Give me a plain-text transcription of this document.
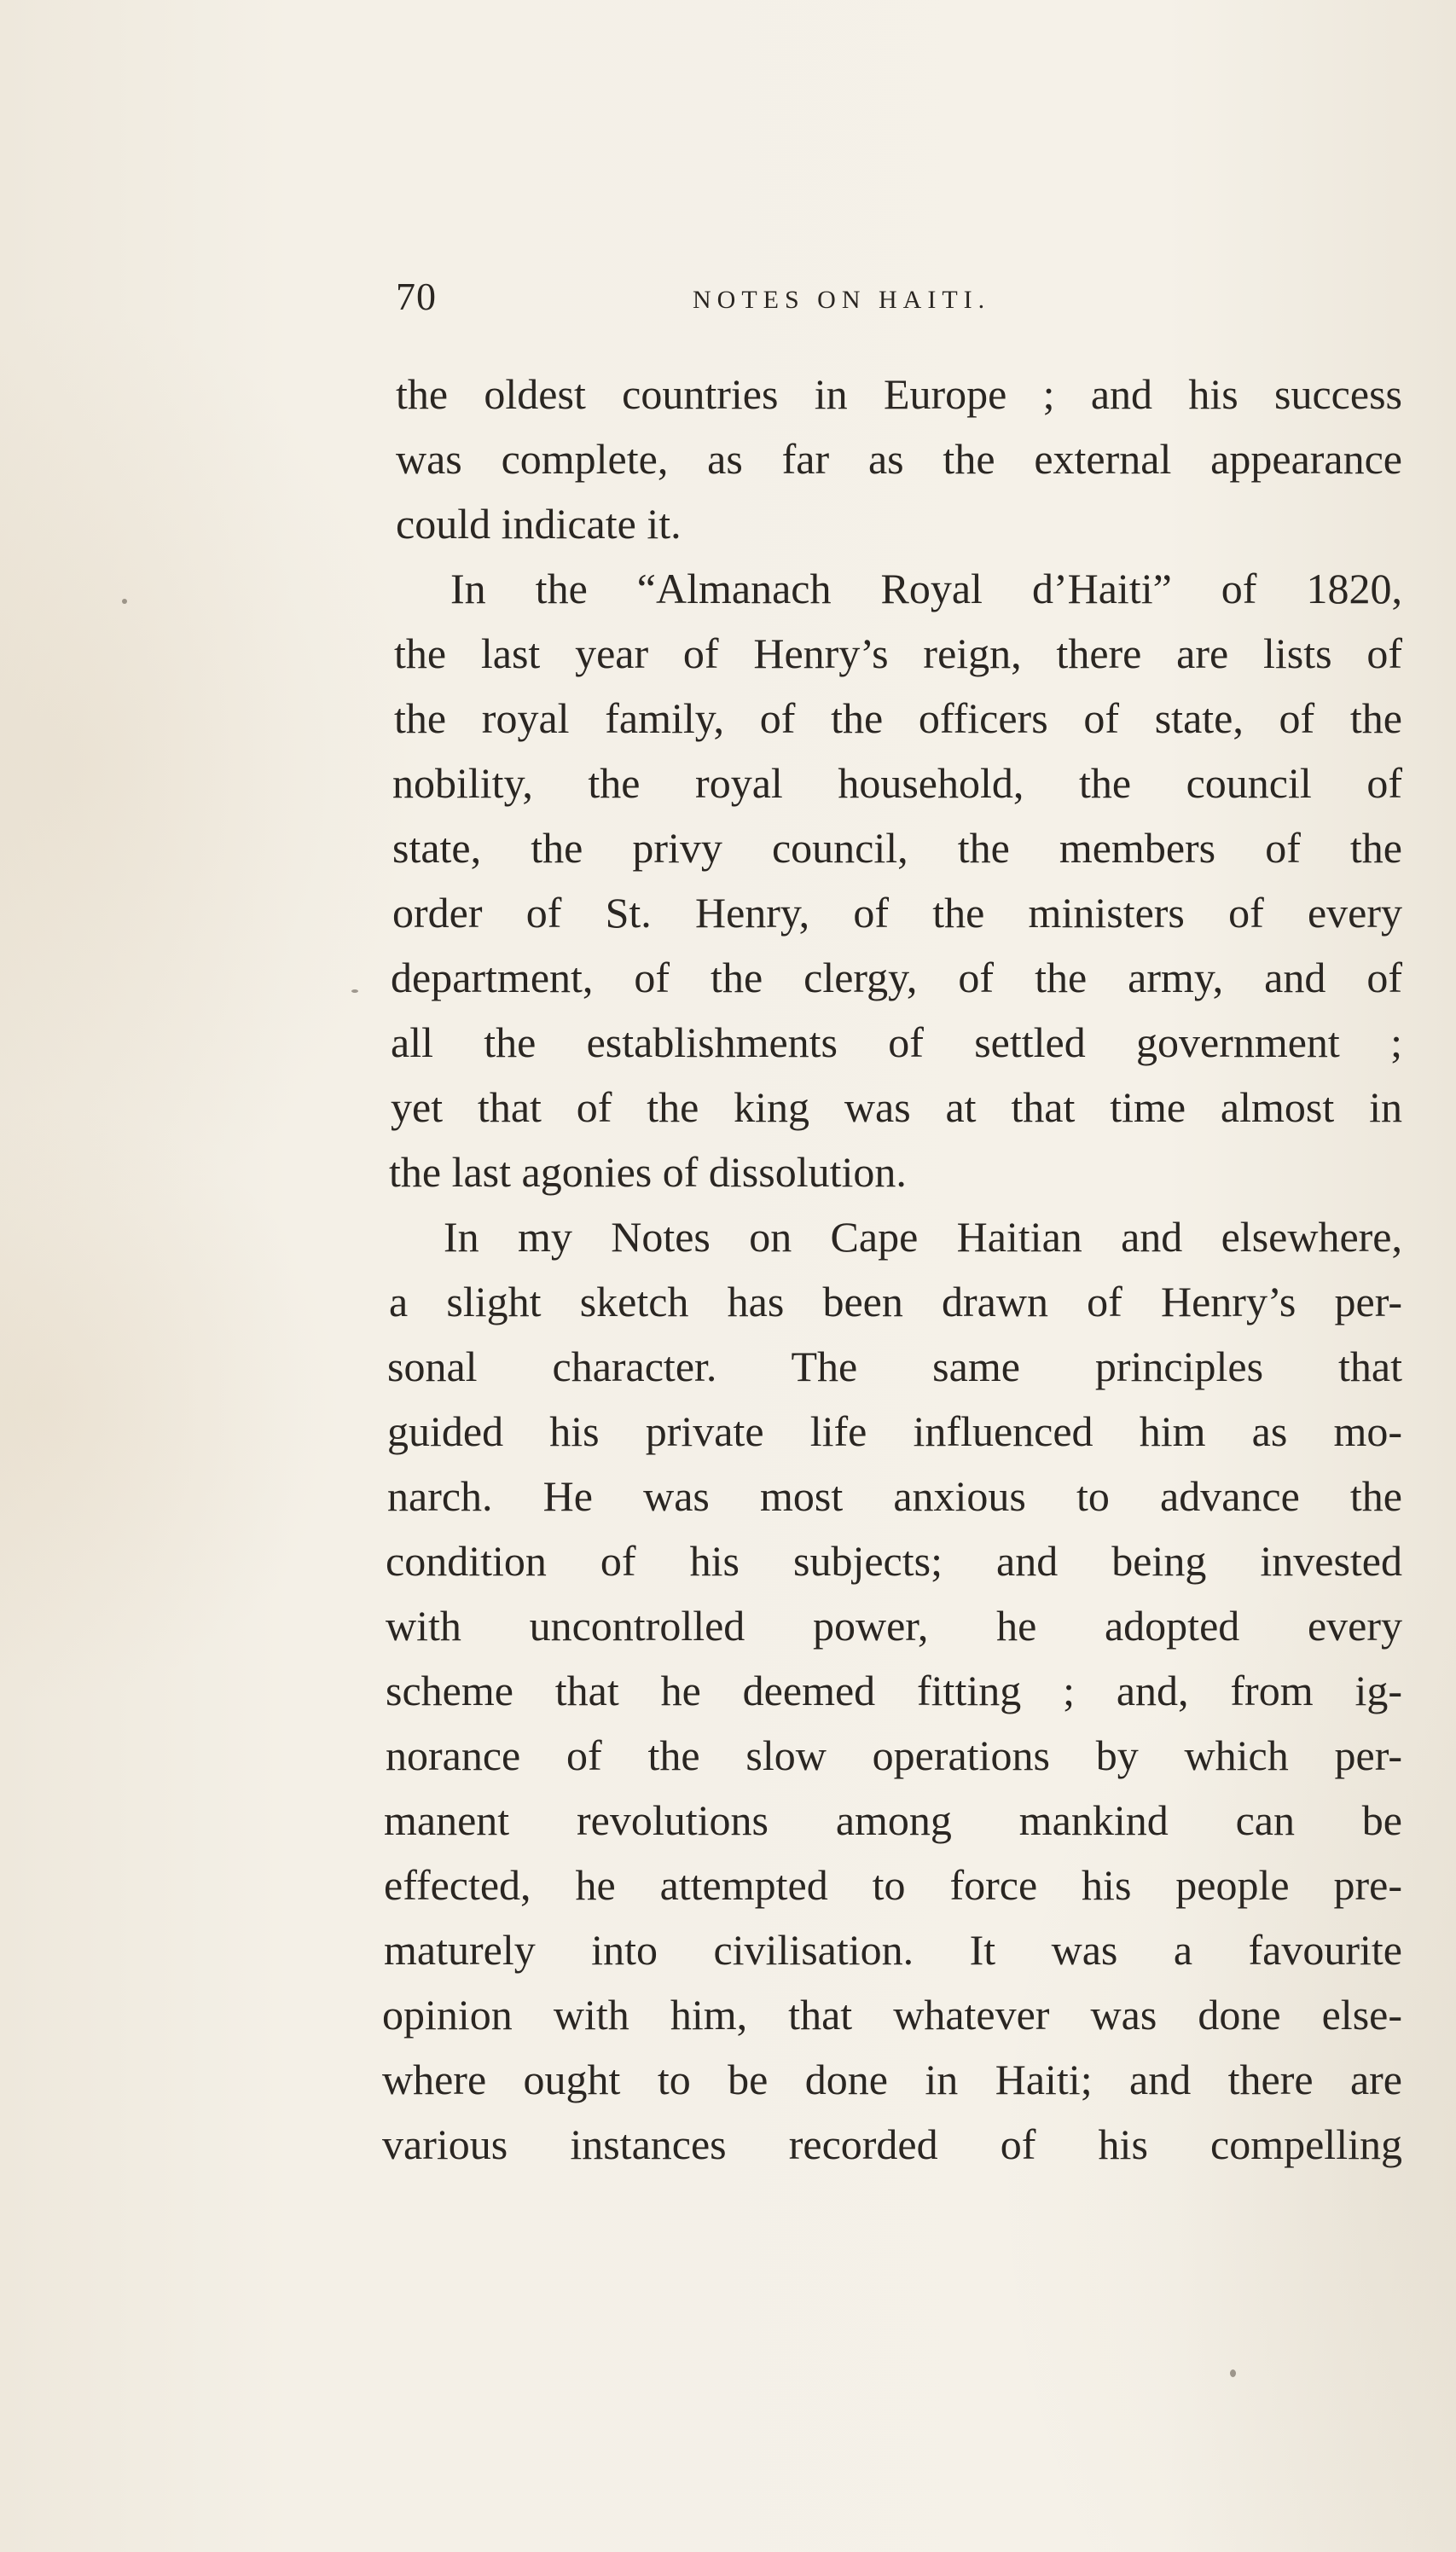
70	NOTES ON HAITI.
the oldest countries in Europe ; and his success
was complete, as far as the external appearance
could indicate it.
In the “Almanach Royal d’Haiti” of 1820,
the last year of Henry’s reign, there are lists of
the royal family, of the officers of state, of the
nobility, the royal household, the council of
state, the privy council, the members of the
order of St. Henry, of the ministers of every
department, of the clergy, of the army, and of
all the establishments of settled government ;
yet that of the king was at that time almost in
the last agonies of dissolution.
In my Notes on Cape Haitian and elsewhere,
a slight sketch has been drawn of Henry’s per-
sonal character. The same principles that
guided his private life influenced him as mo-
narch. He was most anxious to advance the
condition of his subjects; and being invested
with uncontrolled power, he adopted every
scheme that he deemed fitting ; and, from ig-
norance of the slow operations by which per-
manent revolutions among mankind can be
effected, he attempted to force his people pre-
maturely into civilisation. It was a favourite
opinion with him, that whatever was done else-
where ought to be done in Haiti; and there are
various instances recorded of his compelling
